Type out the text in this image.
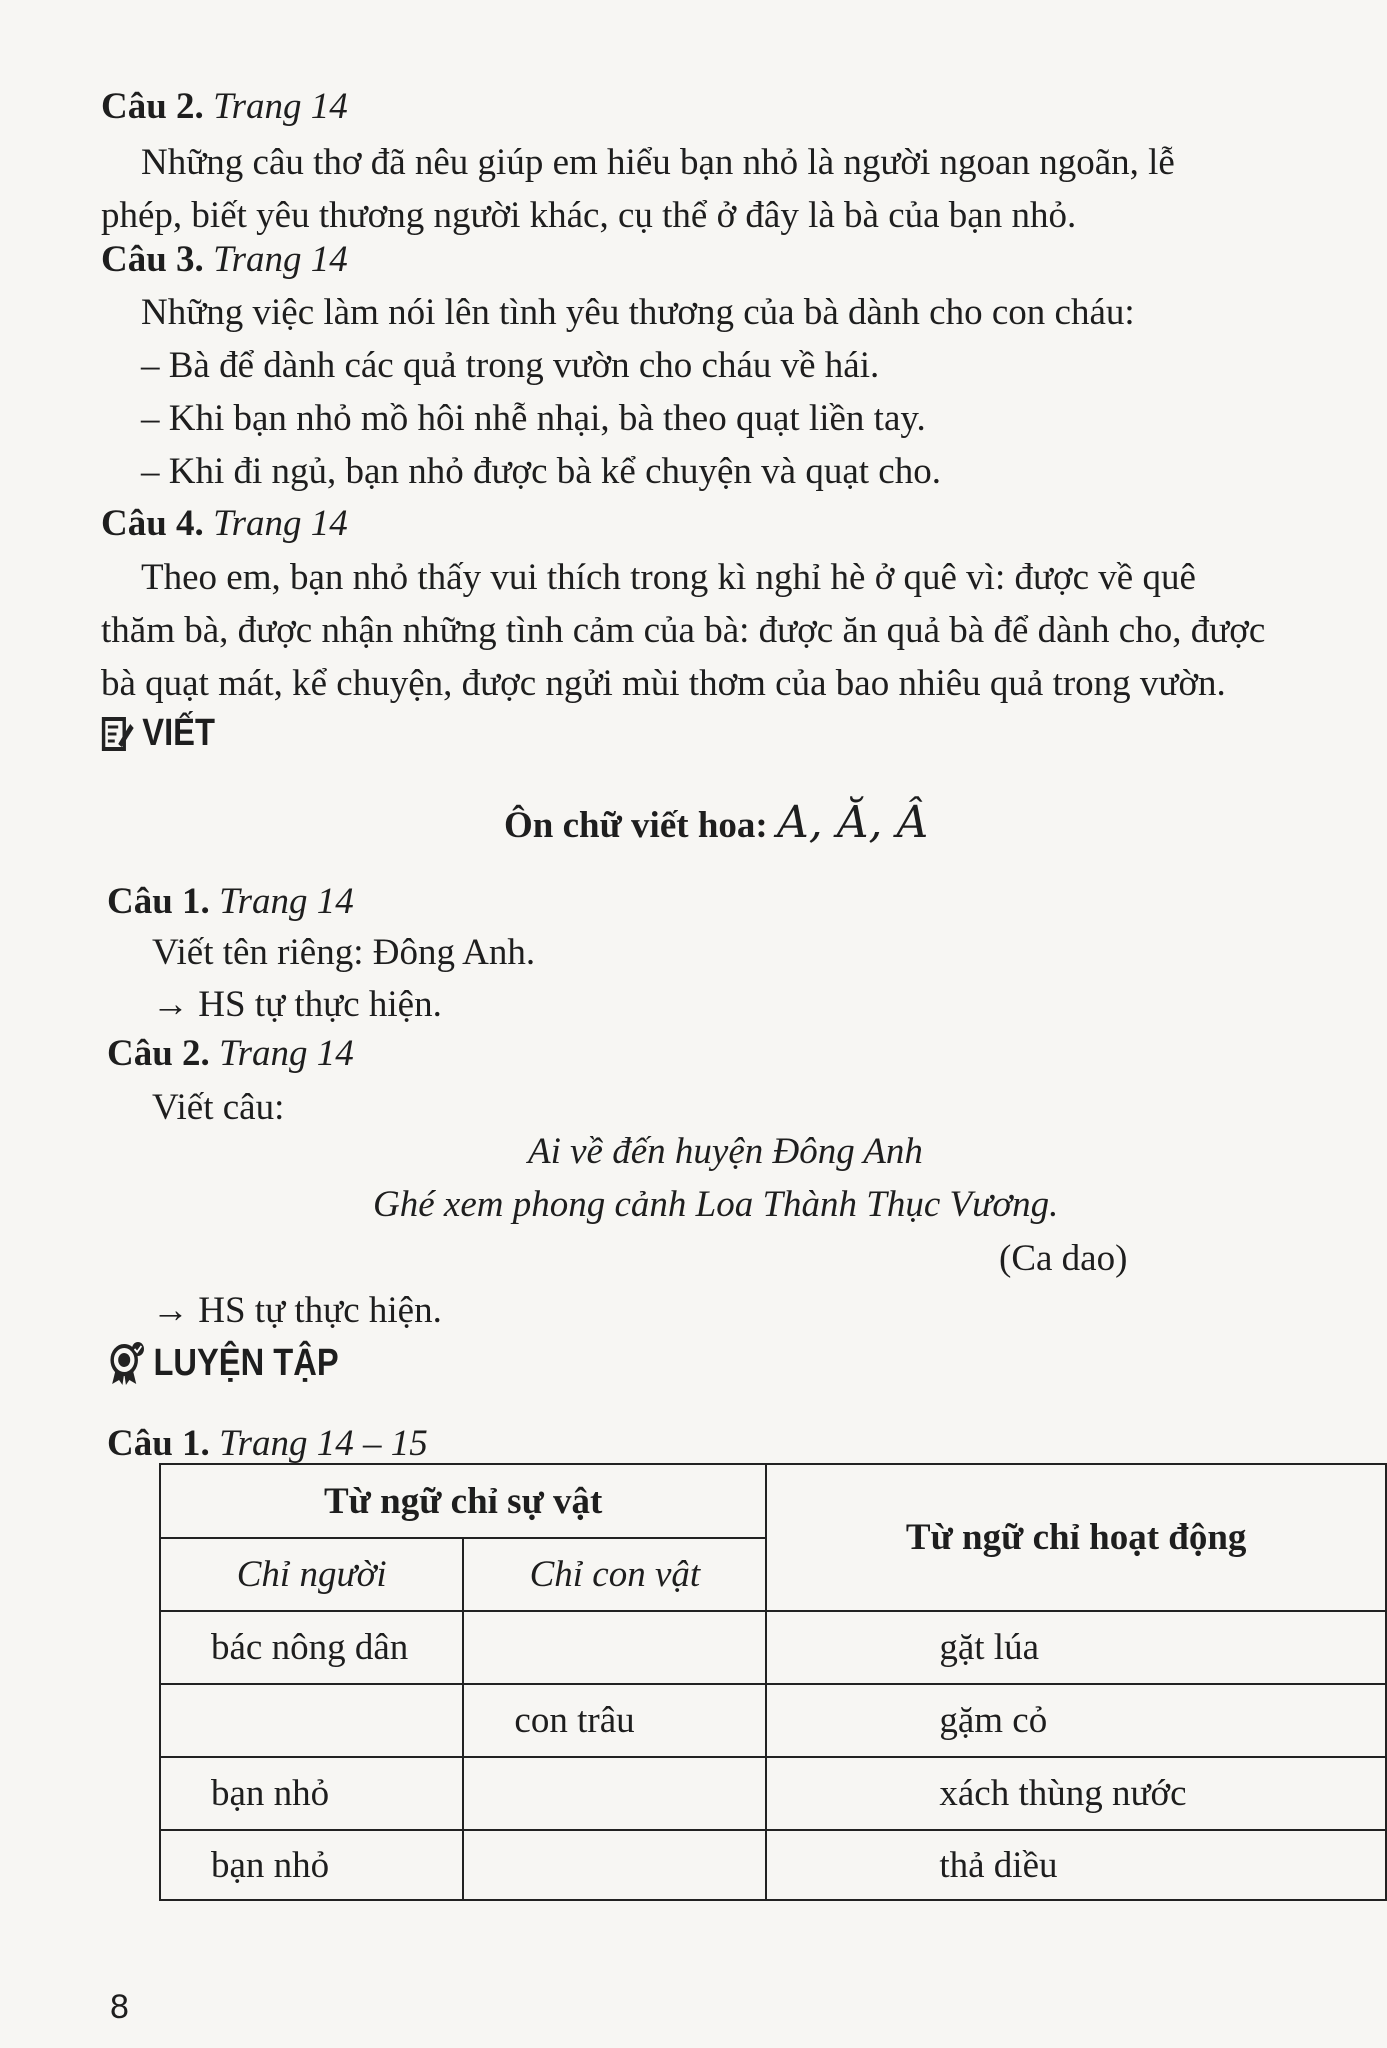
Câu 2. Trang 14
Những câu thơ đã nêu giúp em hiểu bạn nhỏ là người ngoan ngoãn, lễ
phép, biết yêu thương người khác, cụ thể ở đây là bà của bạn nhỏ.
Câu 3. Trang 14
Những việc làm nói lên tình yêu thương của bà dành cho con cháu:
– Bà để dành các quả trong vườn cho cháu về hái.
– Khi bạn nhỏ mồ hôi nhễ nhại, bà theo quạt liền tay.
– Khi đi ngủ, bạn nhỏ được bà kể chuyện và quạt cho.
Câu 4. Trang 14
Theo em, bạn nhỏ thấy vui thích trong kì nghỉ hè ở quê vì: được về quê
thăm bà, được nhận những tình cảm của bà: được ăn quả bà để dành cho, được
bà quạt mát, kể chuyện, được ngửi mùi thơm của bao nhiêu quả trong vườn.
VIẾT
Ôn chữ viết hoa: A, Ă, Â
Câu 1. Trang 14
Viết tên riêng: Đông Anh.
→ HS tự thực hiện.
Câu 2. Trang 14
Viết câu:
Ai về đến huyện Đông Anh
Ghé xem phong cảnh Loa Thành Thục Vương.
(Ca dao)
→ HS tự thực hiện.
LUYỆN TẬP
Câu 1. Trang 14 – 15
Từ ngữ chỉ sự vật		Từ ngữ chỉ hoạt động
Chỉ người	Chỉ con vật	
bác nông dân		gặt lúa
	con trâu	gặm cỏ
bạn nhỏ		xách thùng nước
bạn nhỏ		thả diều
8
